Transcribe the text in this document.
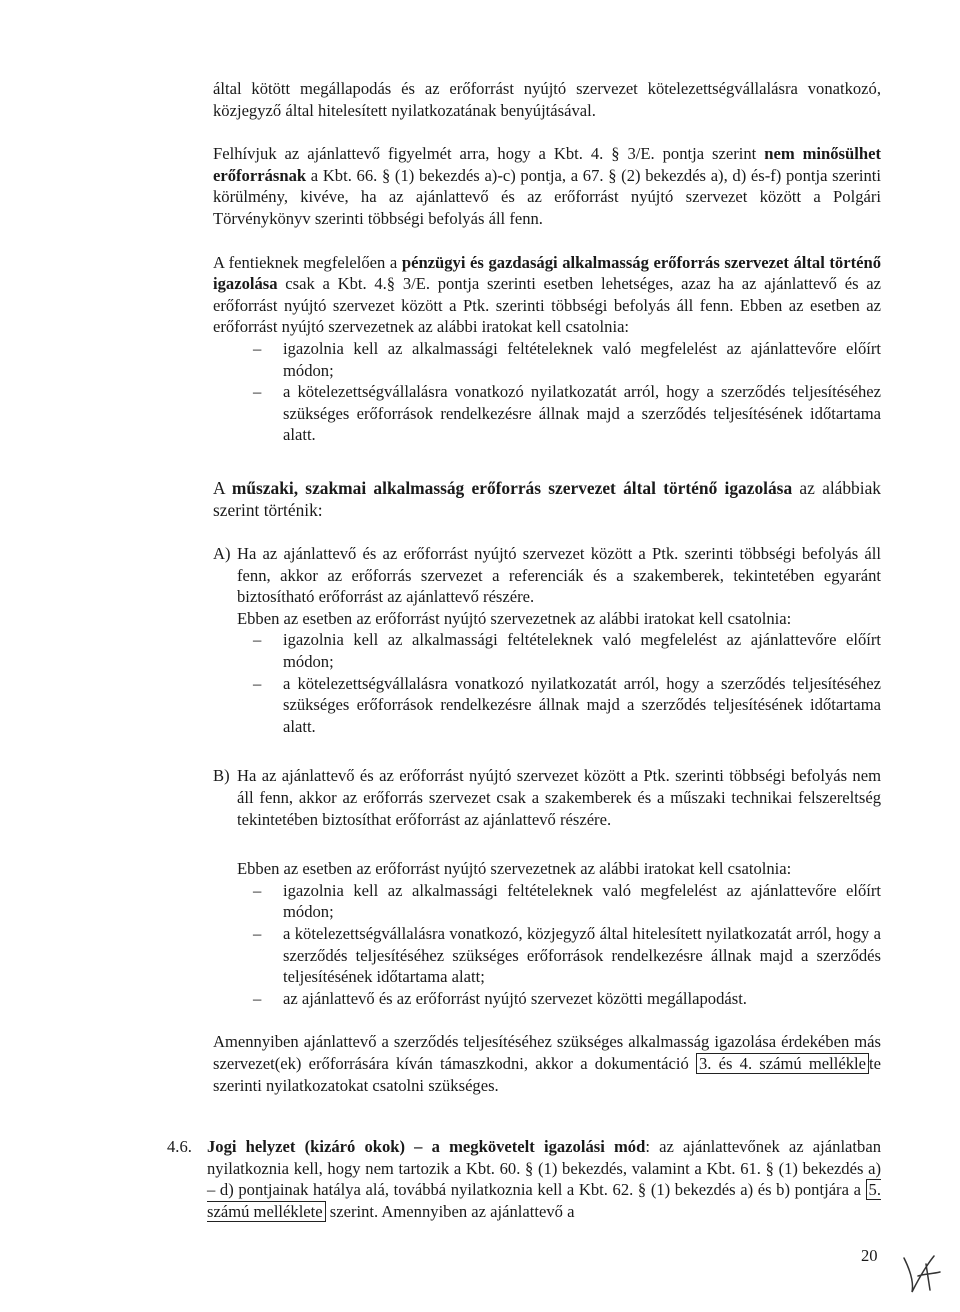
által kötött megállapodás és az erőforrást nyújtó szervezet kötelezettségvállalásra vonatkozó, közjegyző által hitelesített nyilatkozatának benyújtásával.

Felhívjuk az ajánlattevő figyelmét arra, hogy a Kbt. 4. § 3/E. pontja szerint nem minősülhet erőforrásnak a Kbt. 66. § (1) bekezdés a)-c) pontja, a 67. § (2) bekezdés a), d) és-f) pontja szerinti körülmény, kivéve, ha az ajánlattevő és az erőforrást nyújtó szervezet között a Polgári Törvénykönyv szerinti többségi befolyás áll fenn.

A fentieknek megfelelően a pénzügyi és gazdasági alkalmasság erőforrás szervezet által történő igazolása csak a Kbt. 4.§ 3/E. pontja szerinti esetben lehetséges, azaz ha az ajánlattevő és az erőforrást nyújtó szervezet között a Ptk. szerinti többségi befolyás áll fenn. Ebben az esetben az erőforrást nyújtó szervezetnek az alábbi iratokat kell csatolnia:

– igazolnia kell az alkalmassági feltételeknek való megfelelést az ajánlattevőre előírt módon;
– a kötelezettségvállalásra vonatkozó nyilatkozatát arról, hogy a szerződés teljesítéséhez szükséges erőforrások rendelkezésre állnak majd a szerződés teljesítésének időtartama alatt.

A műszaki, szakmai alkalmasság erőforrás szervezet által történő igazolása az alábbiak szerint történik:

A) Ha az ajánlattevő és az erőforrást nyújtó szervezet között a Ptk. szerinti többségi befolyás áll fenn, akkor az erőforrás szervezet a referenciák és a szakemberek, tekintetében egyaránt biztosítható erőforrást az ajánlattevő részére.

Ebben az esetben az erőforrást nyújtó szervezetnek az alábbi iratokat kell csatolnia:

– igazolnia kell az alkalmassági feltételeknek való megfelelést az ajánlattevőre előírt módon;
– a kötelezettségvállalásra vonatkozó nyilatkozatát arról, hogy a szerződés teljesítéséhez szükséges erőforrások rendelkezésre állnak majd a szerződés teljesítésének időtartama alatt.
B) Ha az ajánlattevő és az erőforrást nyújtó szervezet között a Ptk. szerinti többségi befolyás nem áll fenn, akkor az erőforrás szervezet csak a szakemberek és a műszaki technikai felszereltség tekintetében biztosíthat erőforrást az ajánlattevő részére.

Ebben az esetben az erőforrást nyújtó szervezetnek az alábbi iratokat kell csatolnia:

– igazolnia kell az alkalmassági feltételeknek való megfelelést az ajánlattevőre előírt módon;
– a kötelezettségvállalásra vonatkozó, közjegyző által hitelesített nyilatkozatát arról, hogy a szerződés teljesítéséhez szükséges erőforrások rendelkezésre állnak majd a szerződés teljesítésének időtartama alatt;
– az ajánlattevő és az erőforrást nyújtó szervezet közötti megállapodást.

Amennyiben ajánlattevő a szerződés teljesítéséhez szükséges alkalmasság igazolása érdekében más szervezet(ek) erőforrására kíván támaszkodni, akkor a dokumentáció 3. és 4. számú mellékle te szerinti nyilatkozatokat csatolni szükséges.

4.6. Jogi helyzet (kizáró okok) – a megkövetelt igazolási mód: az ajánlattevőnek az ajánlatban nyilatkoznia kell, hogy nem tartozik a Kbt. 60. § (1) bekezdés, valamint a Kbt. 61. § (1) bekezdés a) – d) pontjainak hatálya alá, továbbá nyilatkoznia kell a Kbt. 62. § (1) bekezdés a) és b) pontjára a 5. számú melléklete szerint. Amennyiben az ajánlattevő a

20
